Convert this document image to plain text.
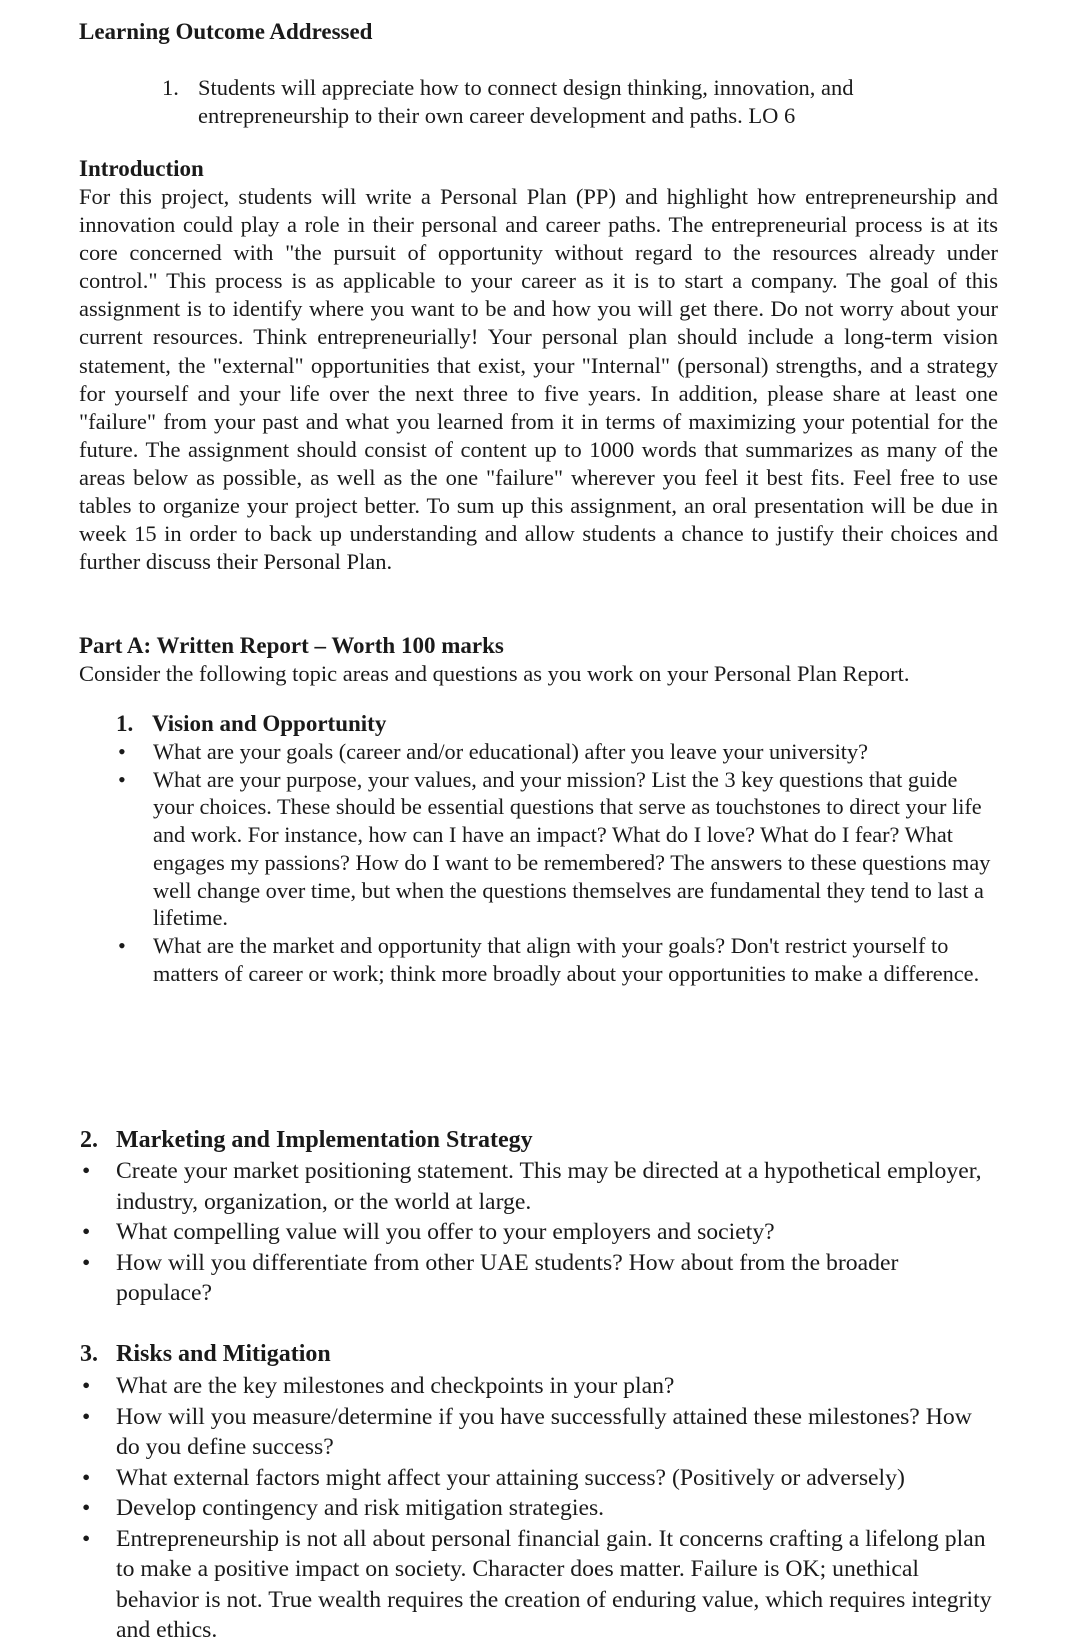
Learning Outcome Addressed
1. Students will appreciate how to connect design thinking, innovation, and
entrepreneurship to their own career development and paths. LO 6
Introduction

For this project, students will write a Personal Plan (PP) and highlight how entrepreneurship and innovation could play a role in their personal and career paths. The entrepreneurial process is at its core concerned with "the pursuit of opportunity without regard to the resources already under control." This process is as applicable to your career as it is to start a company. The goal of this assignment is to identify where you want to be and how you will get there. Do not worry about your current resources. Think entrepreneurially! Your personal plan should include a long-term vision statement, the "external" opportunities that exist, your "Internal" (personal) strengths, and a strategy for yourself and your life over the next three to five years. In addition, please share at least one "failure" from your past and what you learned from it in terms of maximizing your potential for the future. The assignment should consist of content up to 1000 words that summarizes as many of the areas below as possible, as well as the one "failure" wherever you feel it best fits. Feel free to use tables to organize your project better. To sum up this assignment, an oral presentation will be due in week 15 in order to back up understanding and allow students a chance to justify their choices and further discuss their Personal Plan.

Part A: Written Report – Worth 100 marks
Consider the following topic areas and questions as you work on your Personal Plan Report.
1. Vision and Opportunity
• What are your goals (career and/or educational) after you leave your university?
• What are your purpose, your values, and your mission? List the 3 key questions that guide your choices. These should be essential questions that serve as touchstones to direct your life and work. For instance, how can I have an impact? What do I love? What do I fear? What engages my passions? How do I want to be remembered? The answers to these questions may well change over time, but when the questions themselves are fundamental they tend to last a lifetime.
• What are the market and opportunity that align with your goals? Don't restrict yourself to matters of career or work; think more broadly about your opportunities to make a difference.
2. Marketing and Implementation Strategy
• Create your market positioning statement. This may be directed at a hypothetical employer, industry, organization, or the world at large.
• What compelling value will you offer to your employers and society?
• How will you differentiate from other UAE students? How about from the broader populace?
3. Risks and Mitigation
• What are the key milestones and checkpoints in your plan?
• How will you measure/determine if you have successfully attained these milestones? How do you define success?
• What external factors might affect your attaining success? (Positively or adversely)
• Develop contingency and risk mitigation strategies.
• Entrepreneurship is not all about personal financial gain. It concerns crafting a lifelong plan to make a positive impact on society. Character does matter. Failure is OK; unethical behavior is not. True wealth requires the creation of enduring value, which requires integrity and ethics.
